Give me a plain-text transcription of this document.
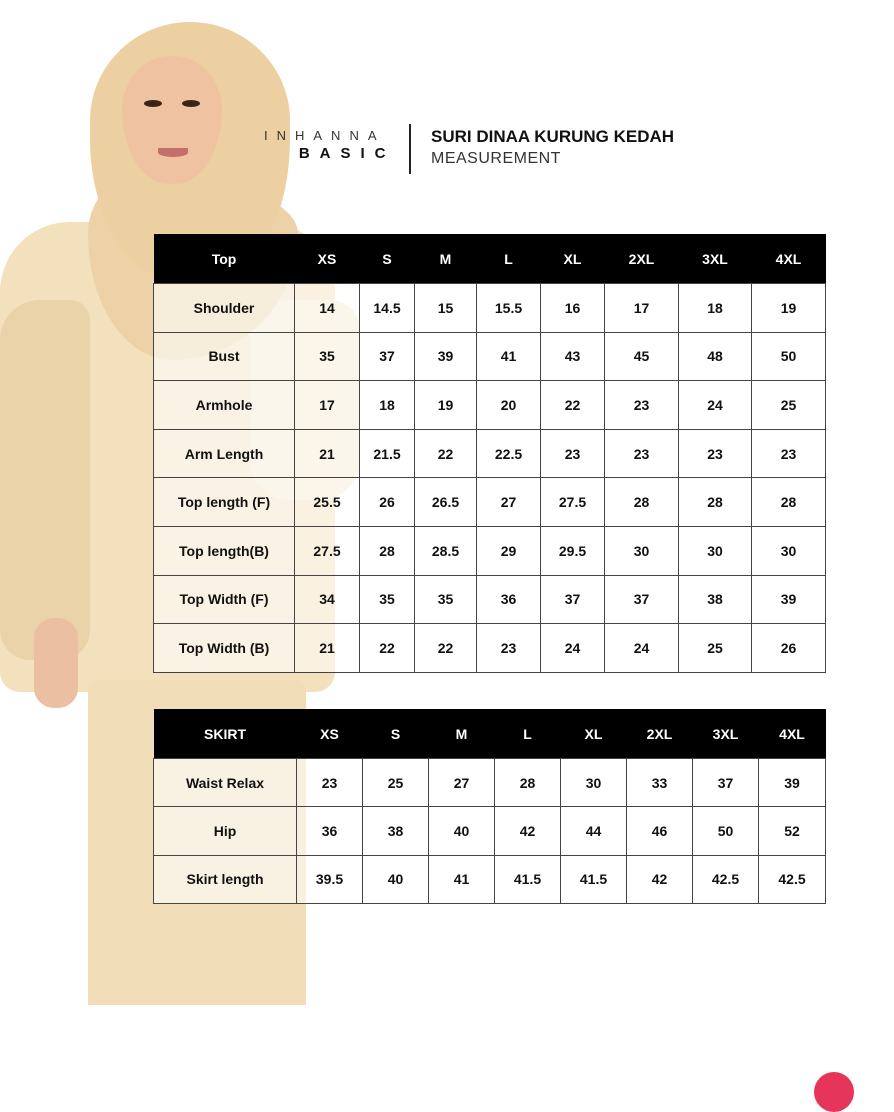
INHANNA
BASIC
SURI DINAA KURUNG KEDAH
MEASUREMENT
Top	XS	S	M	L	XL	2XL	3XL	4XL
Shoulder	14	14.5	15	15.5	16	17	18	19
Bust	35	37	39	41	43	45	48	50
Armhole	17	18	19	20	22	23	24	25
Arm Length	21	21.5	22	22.5	23	23	23	23
Top length (F)	25.5	26	26.5	27	27.5	28	28	28
Top length(B)	27.5	28	28.5	29	29.5	30	30	30
Top Width (F)	34	35	35	36	37	37	38	39
Top Width (B)	21	22	22	23	24	24	25	26
SKIRT	XS	S	M	L	XL	2XL	3XL	4XL
Waist Relax	23	25	27	28	30	33	37	39
Hip	36	38	40	42	44	46	50	52
Skirt length	39.5	40	41	41.5	41.5	42	42.5	42.5
